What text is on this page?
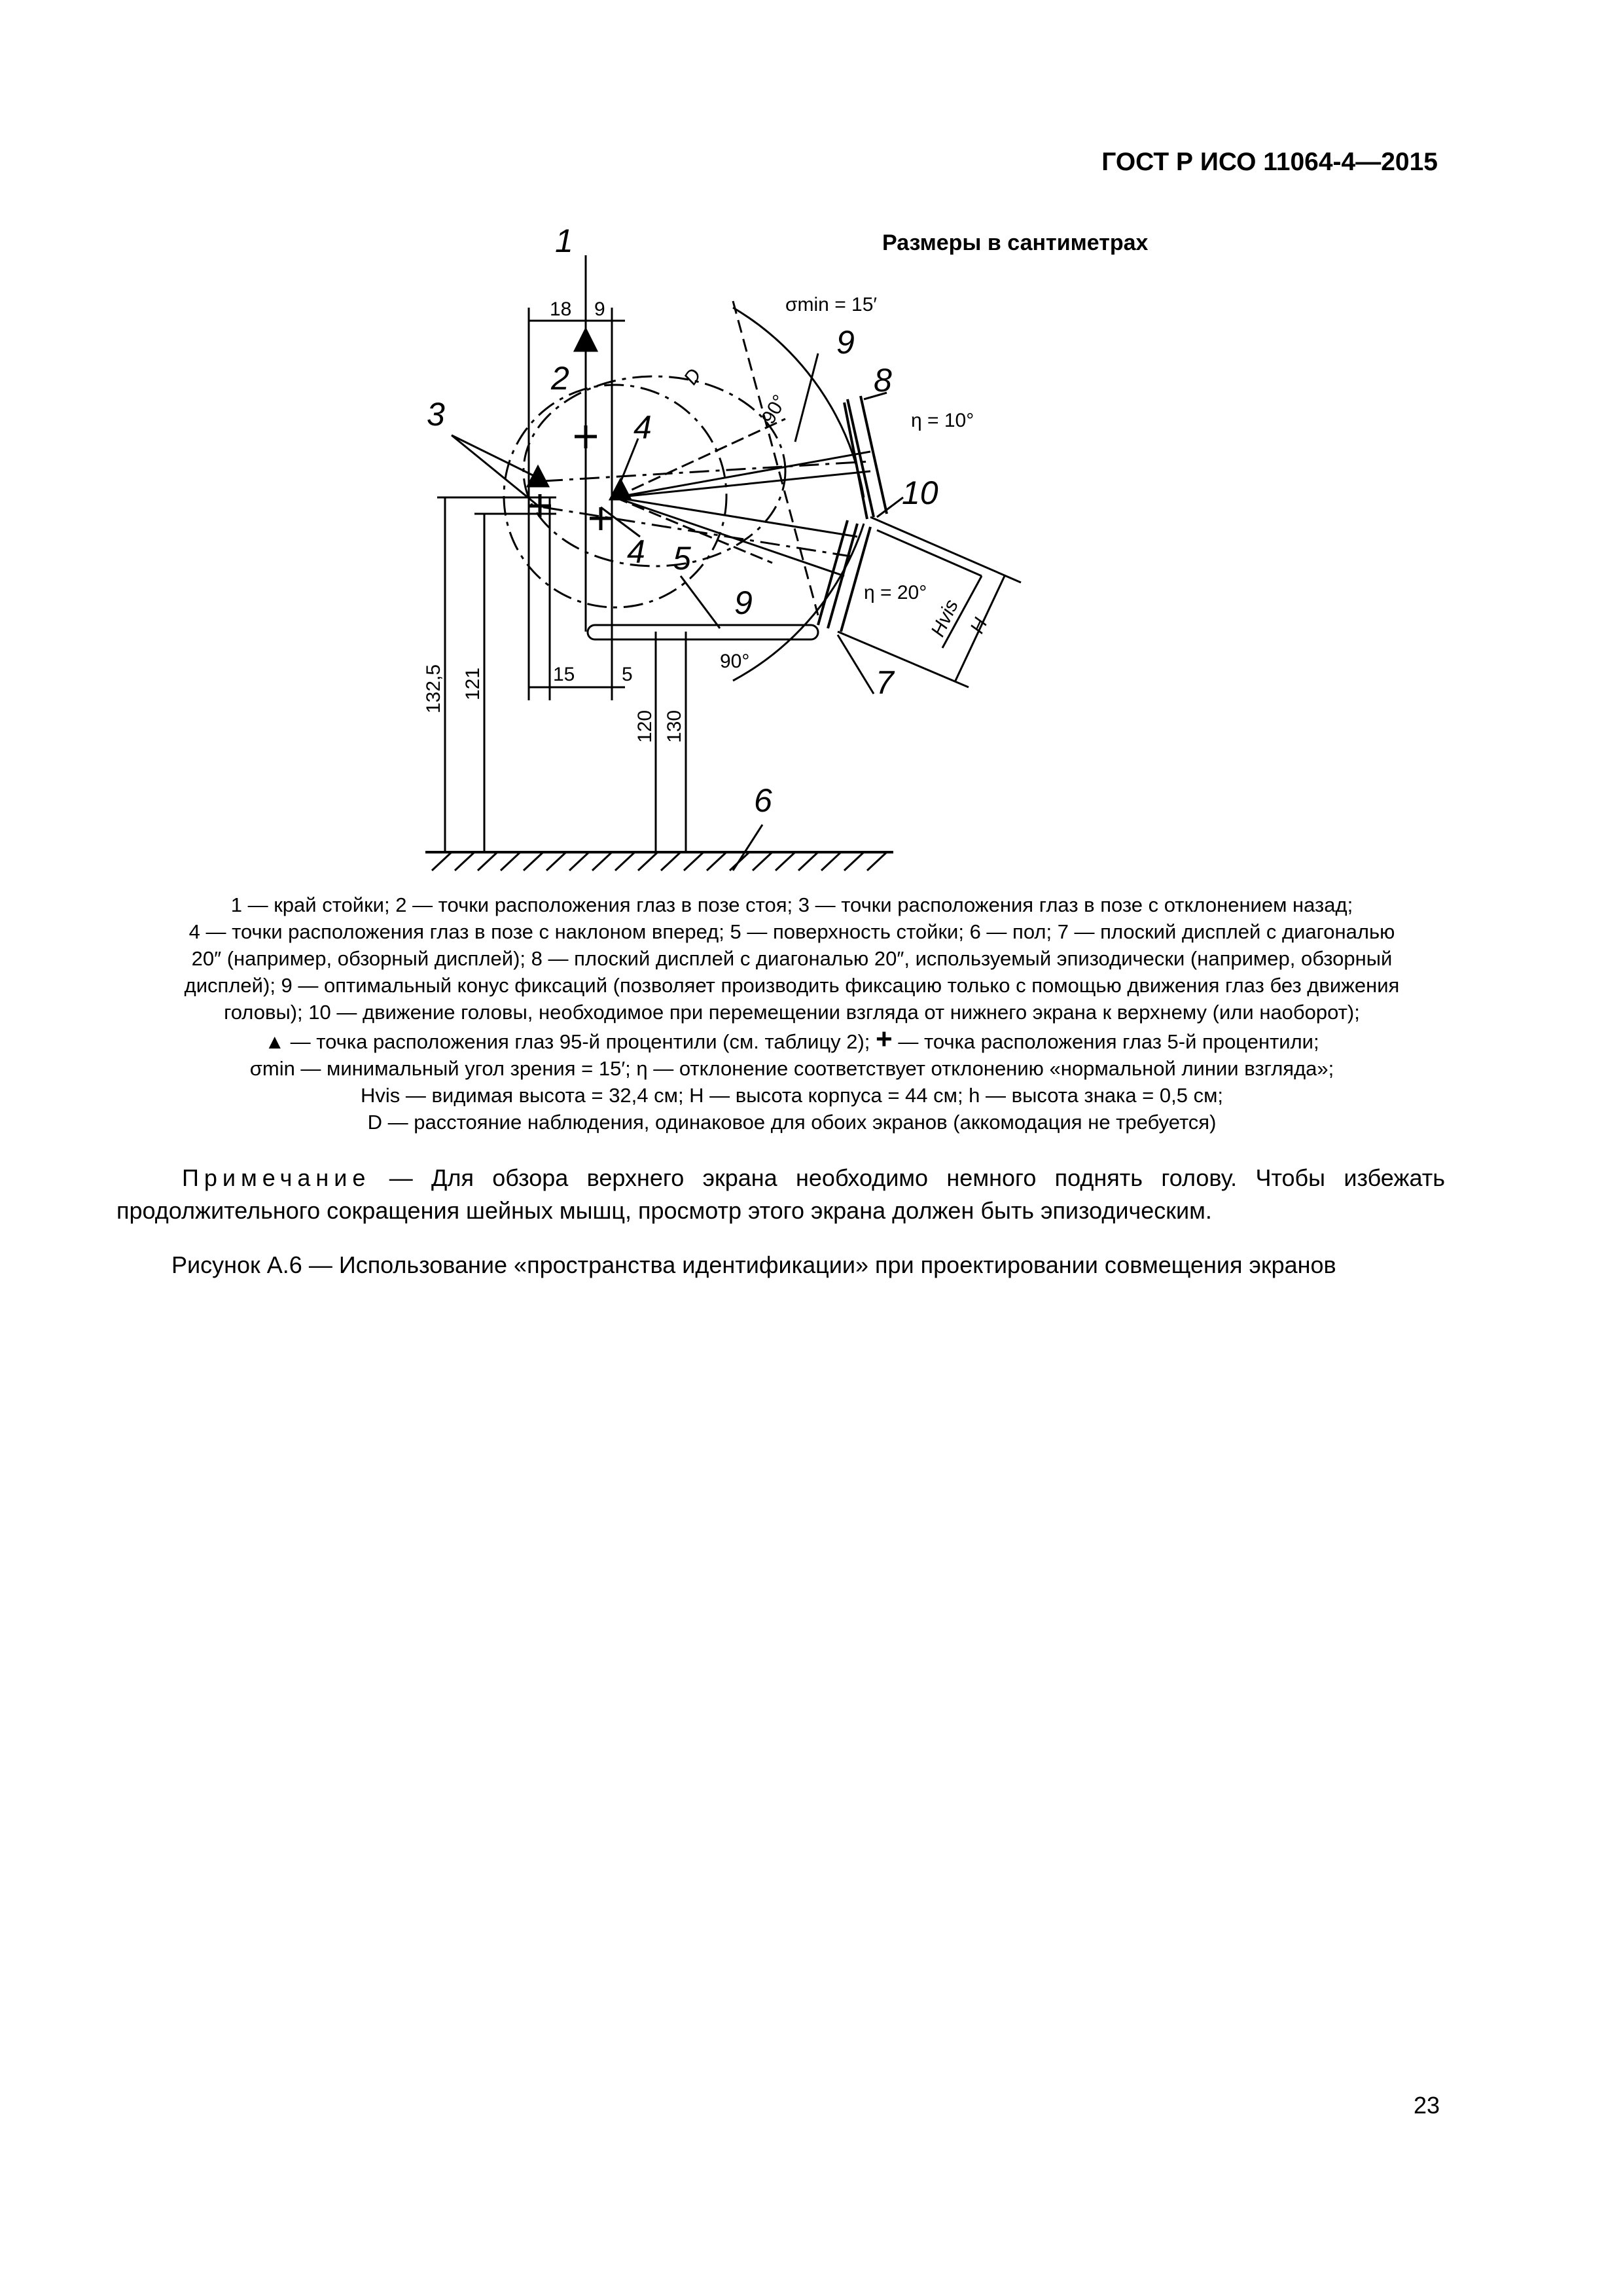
ГОСТ Р ИСО 11064-4—2015
Размеры в сантиметрах
1
2
3	4
4 5
6
7
8
9
9
10
σmin = 15′
η = 10°
η = 20°
90°
90°
D
Hvis H
18 9
15 5
132,5 121
120 130
1 — край стойки; 2 — точки расположения глаз в позе стоя; 3 — точки расположения глаз в позе с отклонением назад;
4 — точки расположения глаз в позе с наклоном вперед; 5 — поверхность стойки; 6 — пол; 7 — плоский дисплей с диагональю
20″ (например, обзорный дисплей); 8 — плоский дисплей с диагональю 20″, используемый эпизодически (например, обзорный
дисплей); 9 — оптимальный конус фиксаций (позволяет производить фиксацию только с помощью движения глаз без движения
головы); 10 — движение головы, необходимое при перемещении взгляда от нижнего экрана к верхнему (или наоборот);
▲ — точка расположения глаз 95-й процентили (см. таблицу 2); + — точка расположения глаз 5-й процентили;
σmin — минимальный угол зрения = 15′; η — отклонение соответствует отклонению «нормальной линии взгляда»;
Hvis — видимая высота = 32,4 см; H — высота корпуса = 44 см; h — высота знака = 0,5 см;
D — расстояние наблюдения, одинаковое для обоих экранов (аккомодация не требуется)
Примечание — Для обзора верхнего экрана необходимо немного поднять голову. Чтобы избежать продолжительного сокращения шейных мышц, просмотр этого экрана должен быть эпизодическим.
Рисунок А.6 — Использование «пространства идентификации» при проектировании совмещения экранов
23
